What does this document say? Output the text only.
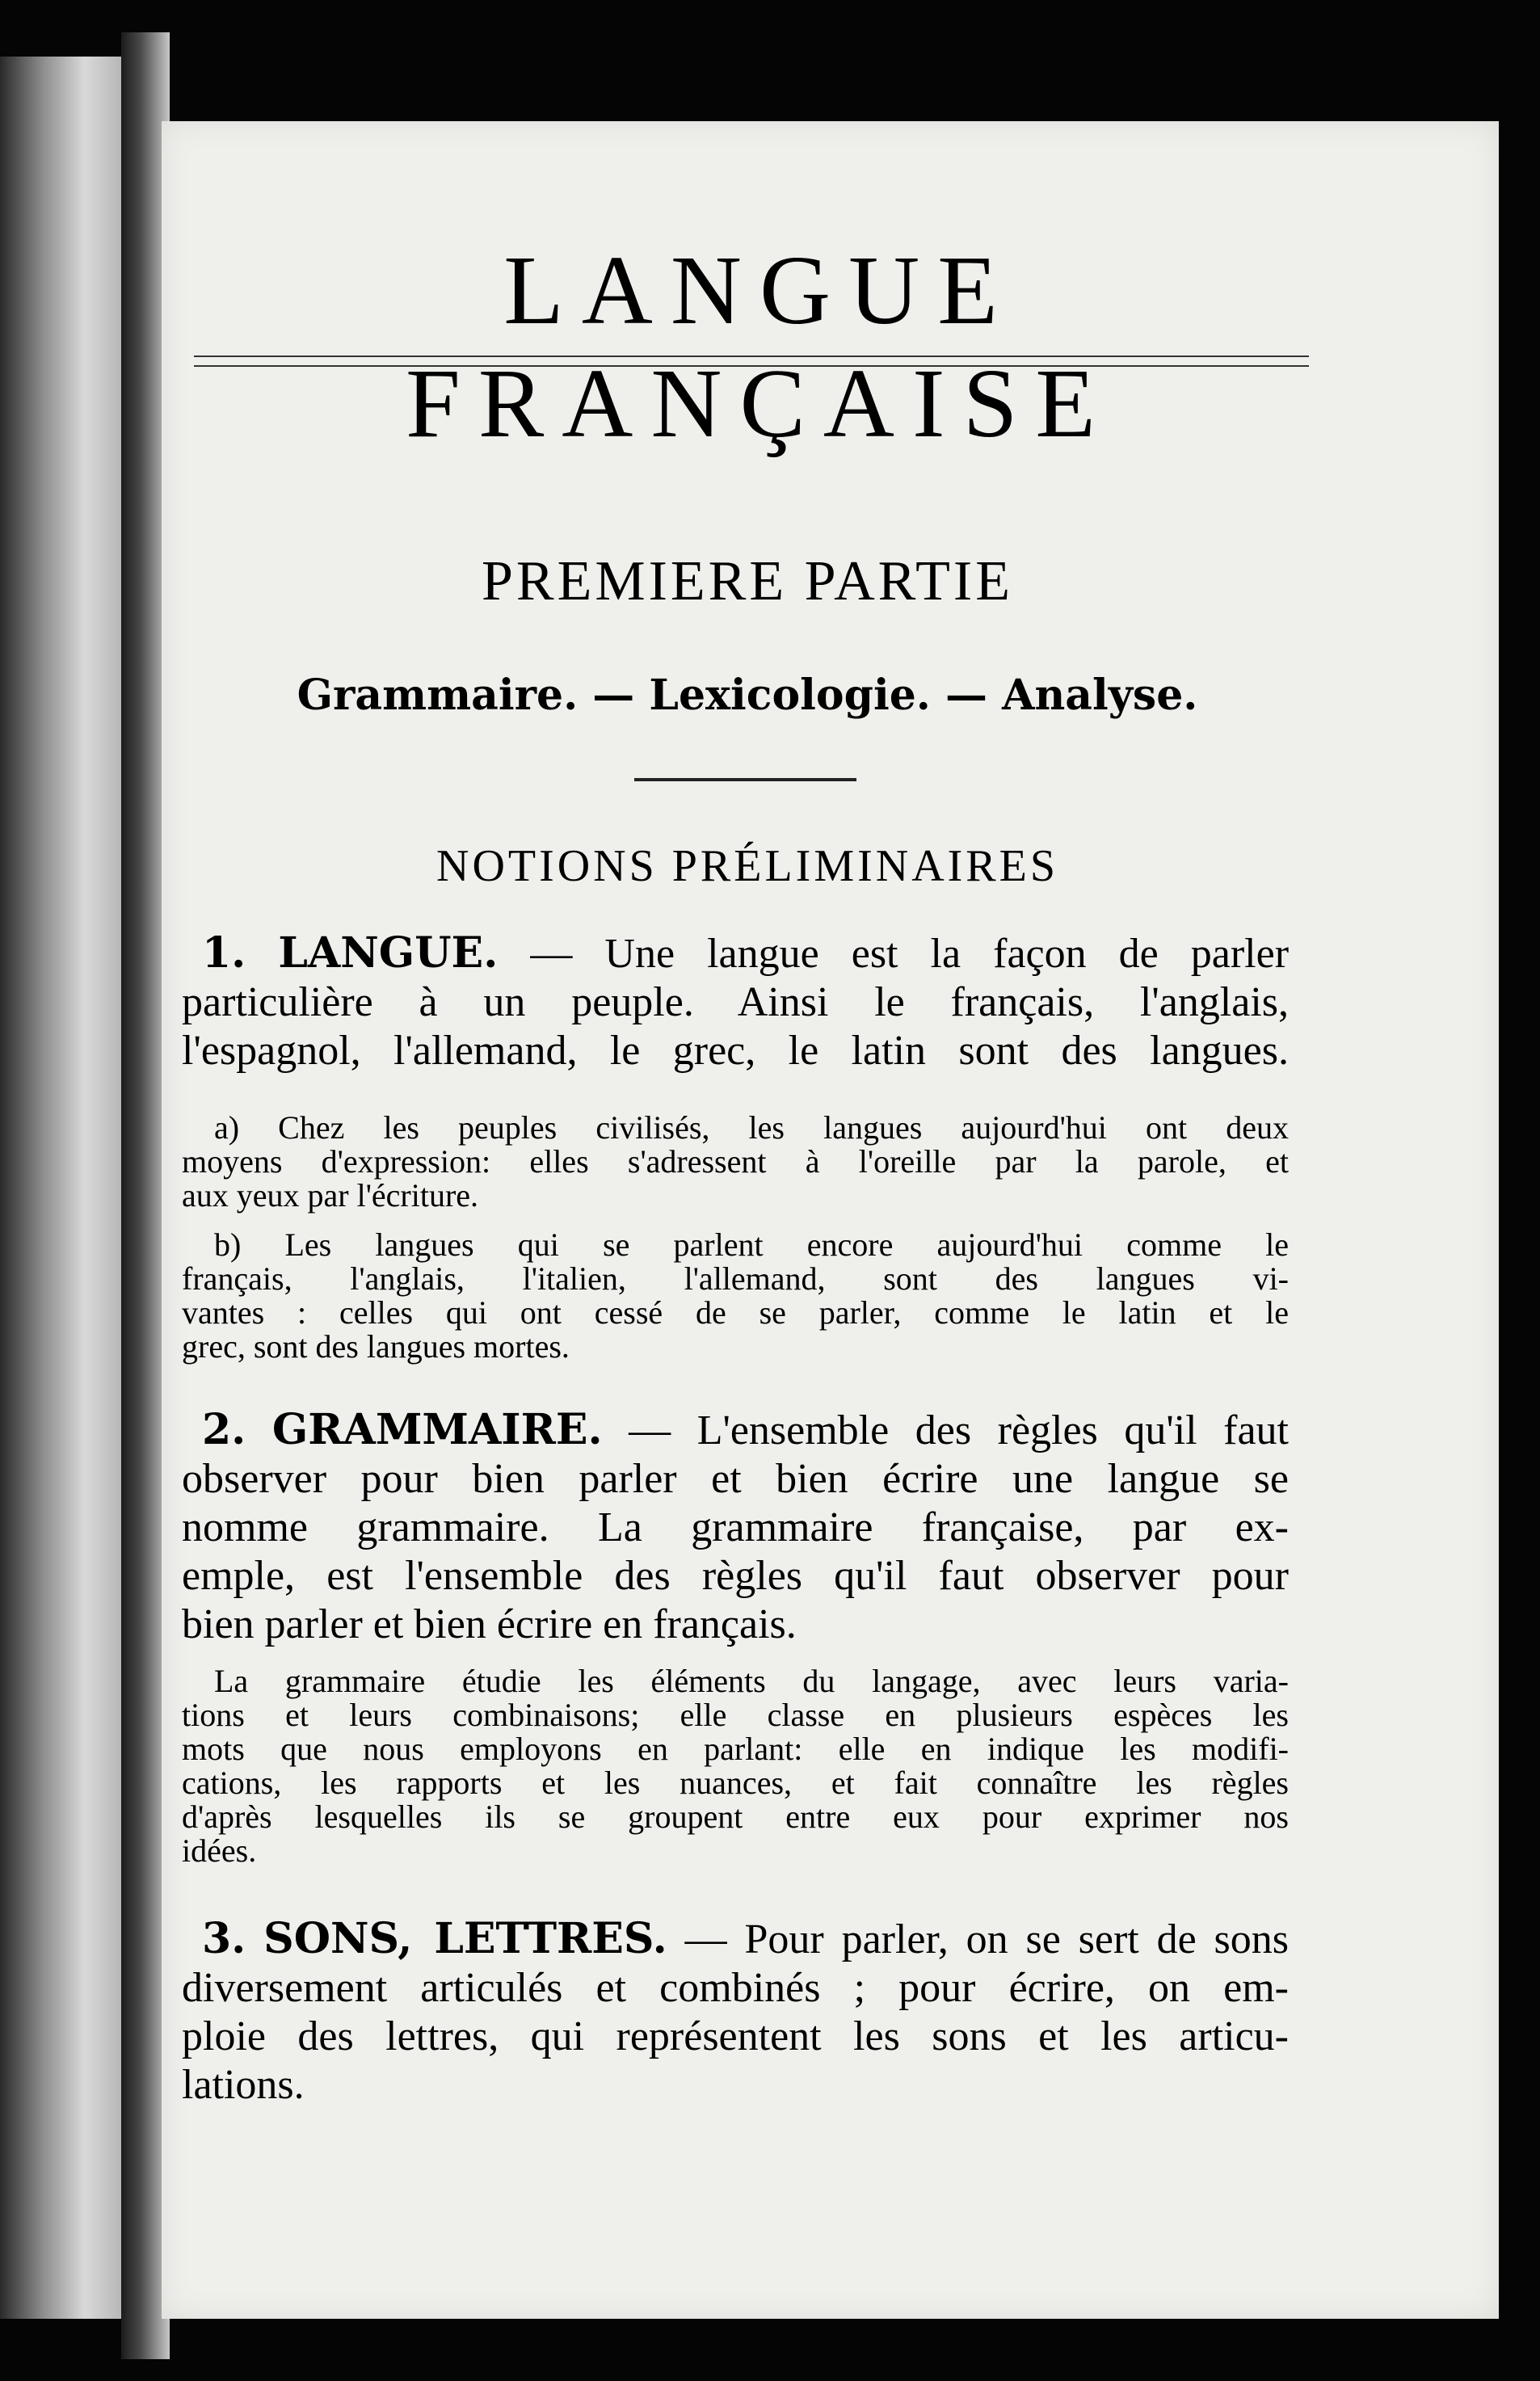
LANGUE FRANÇAISE
PREMIERE PARTIE
Grammaire. — Lexicologie. — Analyse.
NOTIONS PRÉLIMINAIRES
1. LANGUE. — Une langue est la façon de parler
particulière à un peuple. Ainsi le français, l'anglais,
l'espagnol, l'allemand, le grec, le latin sont des langues.
a) Chez les peuples civilisés, les langues aujourd'hui ont deux
moyens d'expression: elles s'adressent à l'oreille par la parole, et
aux yeux par l'écriture.
b) Les langues qui se parlent encore aujourd'hui comme le
français, l'anglais, l'italien, l'allemand, sont des langues vi-
vantes : celles qui ont cessé de se parler, comme le latin et le
grec, sont des langues mortes.
2. GRAMMAIRE. — L'ensemble des règles qu'il faut
observer pour bien parler et bien écrire une langue se
nomme grammaire. La grammaire française, par ex-
emple, est l'ensemble des règles qu'il faut observer pour
bien parler et bien écrire en français.
La grammaire étudie les éléments du langage, avec leurs varia-
tions et leurs combinaisons; elle classe en plusieurs espèces les
mots que nous employons en parlant: elle en indique les modifi-
cations, les rapports et les nuances, et fait connaître les règles
d'après lesquelles ils se groupent entre eux pour exprimer nos
idées.
3. SONS, LETTRES. — Pour parler, on se sert de sons
diversement articulés et combinés ; pour écrire, on em-
ploie des lettres, qui représentent les sons et les articu-
lations.
